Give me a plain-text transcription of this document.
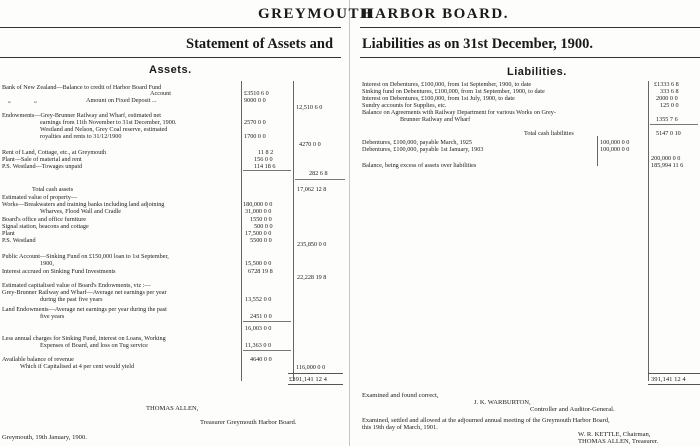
GREYMOUTH
HARBOR BOARD.
Statement of Assets and Liabilities as on 31st December, 1900.
Assets.
Bank of New Zealand—Balance to credit of Harbor Board Fund
Account	£3510 6 0
„	„	Amount on Fixed Deposit ...	9000 0 0
12,510 6 0
Endowments—Grey-Brunner Railway and Wharf, estimated net
earnings from 11th November to 31st December, 1900.	2570 0 0
Westland and Nelson, Grey Coal reserve, estimated
royalties and rents to 31/12/1900	1700 0 0
4270 0 0
Rent of Land, Cottage, etc., at Greymouth	11 8 2
Plant—Sale of material and rent	156 0 0
P.S. Westland—Towages unpaid	114 18 6
282 6 8
Total cash assets	17,062 12 8
Estimated value of property—
Works—Breakwaters and training banks including land adjoining	180,000 0 0
Wharves, Flood Wall and Cradle	31,000 0 0
Board's office and office furniture	1550 0 0
Signal station, beacons and cottage	500 0 0
Plant	17,500 0 0
P.S. Westland	5500 0 0
235,850 0 0
Public Account—Sinking Fund on £150,000 loan to 1st September,
1900,	15,500 0 0
Interest accrued on Sinking Fund Investments	6728 19 8
22,228 19 8
Estimated capitalised value of Board's Endowments, viz :—
Grey-Brunner Railway and Wharf—Average net earnings per year
during the past five years	13,552 0 0
Land Endowments—Average net earnings per year during the past
five years	2451 0 0
16,003 0 0
Less annual charges for Sinking Fund, interest on Loans, Working
Expenses of Board, and loss on Tug service	11,363 0 0
Available balance of revenue	4640 0 0
Which if Capitalised at 4 per cent would yield	116,000 0 0
£391,141 12 4
THOMAS ALLEN,
Treasurer Greymouth Harbor Board.
Greymouth, 19th January, 1900.
Liabilities.
Interest on Debentures, £100,000, from 1st September, 1900, to date	£1333 6 8
Sinking fund on Debentures, £100,000, from 1st September, 1900, to date	333 6 8
Interest on Debentures, £100,000, from 1st July, 1900, to date	2000 0 0
Sundry accounts for Supplies, etc.	125 0 0
Balance on Agreements with Railway Department for various Works on Grey-
Brunner Railway and Wharf	1355 7 6
Total cash liabilities	5147 0 10
Debentures, £100,000, payable March, 1925	100,000 0 0
Debentures, £100,000, payable 1st January, 1903	100,000 0 0
200,000 0 0
Balance, being excess of assets over liabilities	185,994 11 6
391,141 12 4
Examined and found correct,
J. K. WARBURTON,
Controller and Auditor-General.
Examined, settled and allowed at the adjourned annual meeting of the Greymouth Harbor Board,
this 19th day of March, 1901.
W. R. KETTLE, Chairman,
THOMAS ALLEN, Treasurer.
